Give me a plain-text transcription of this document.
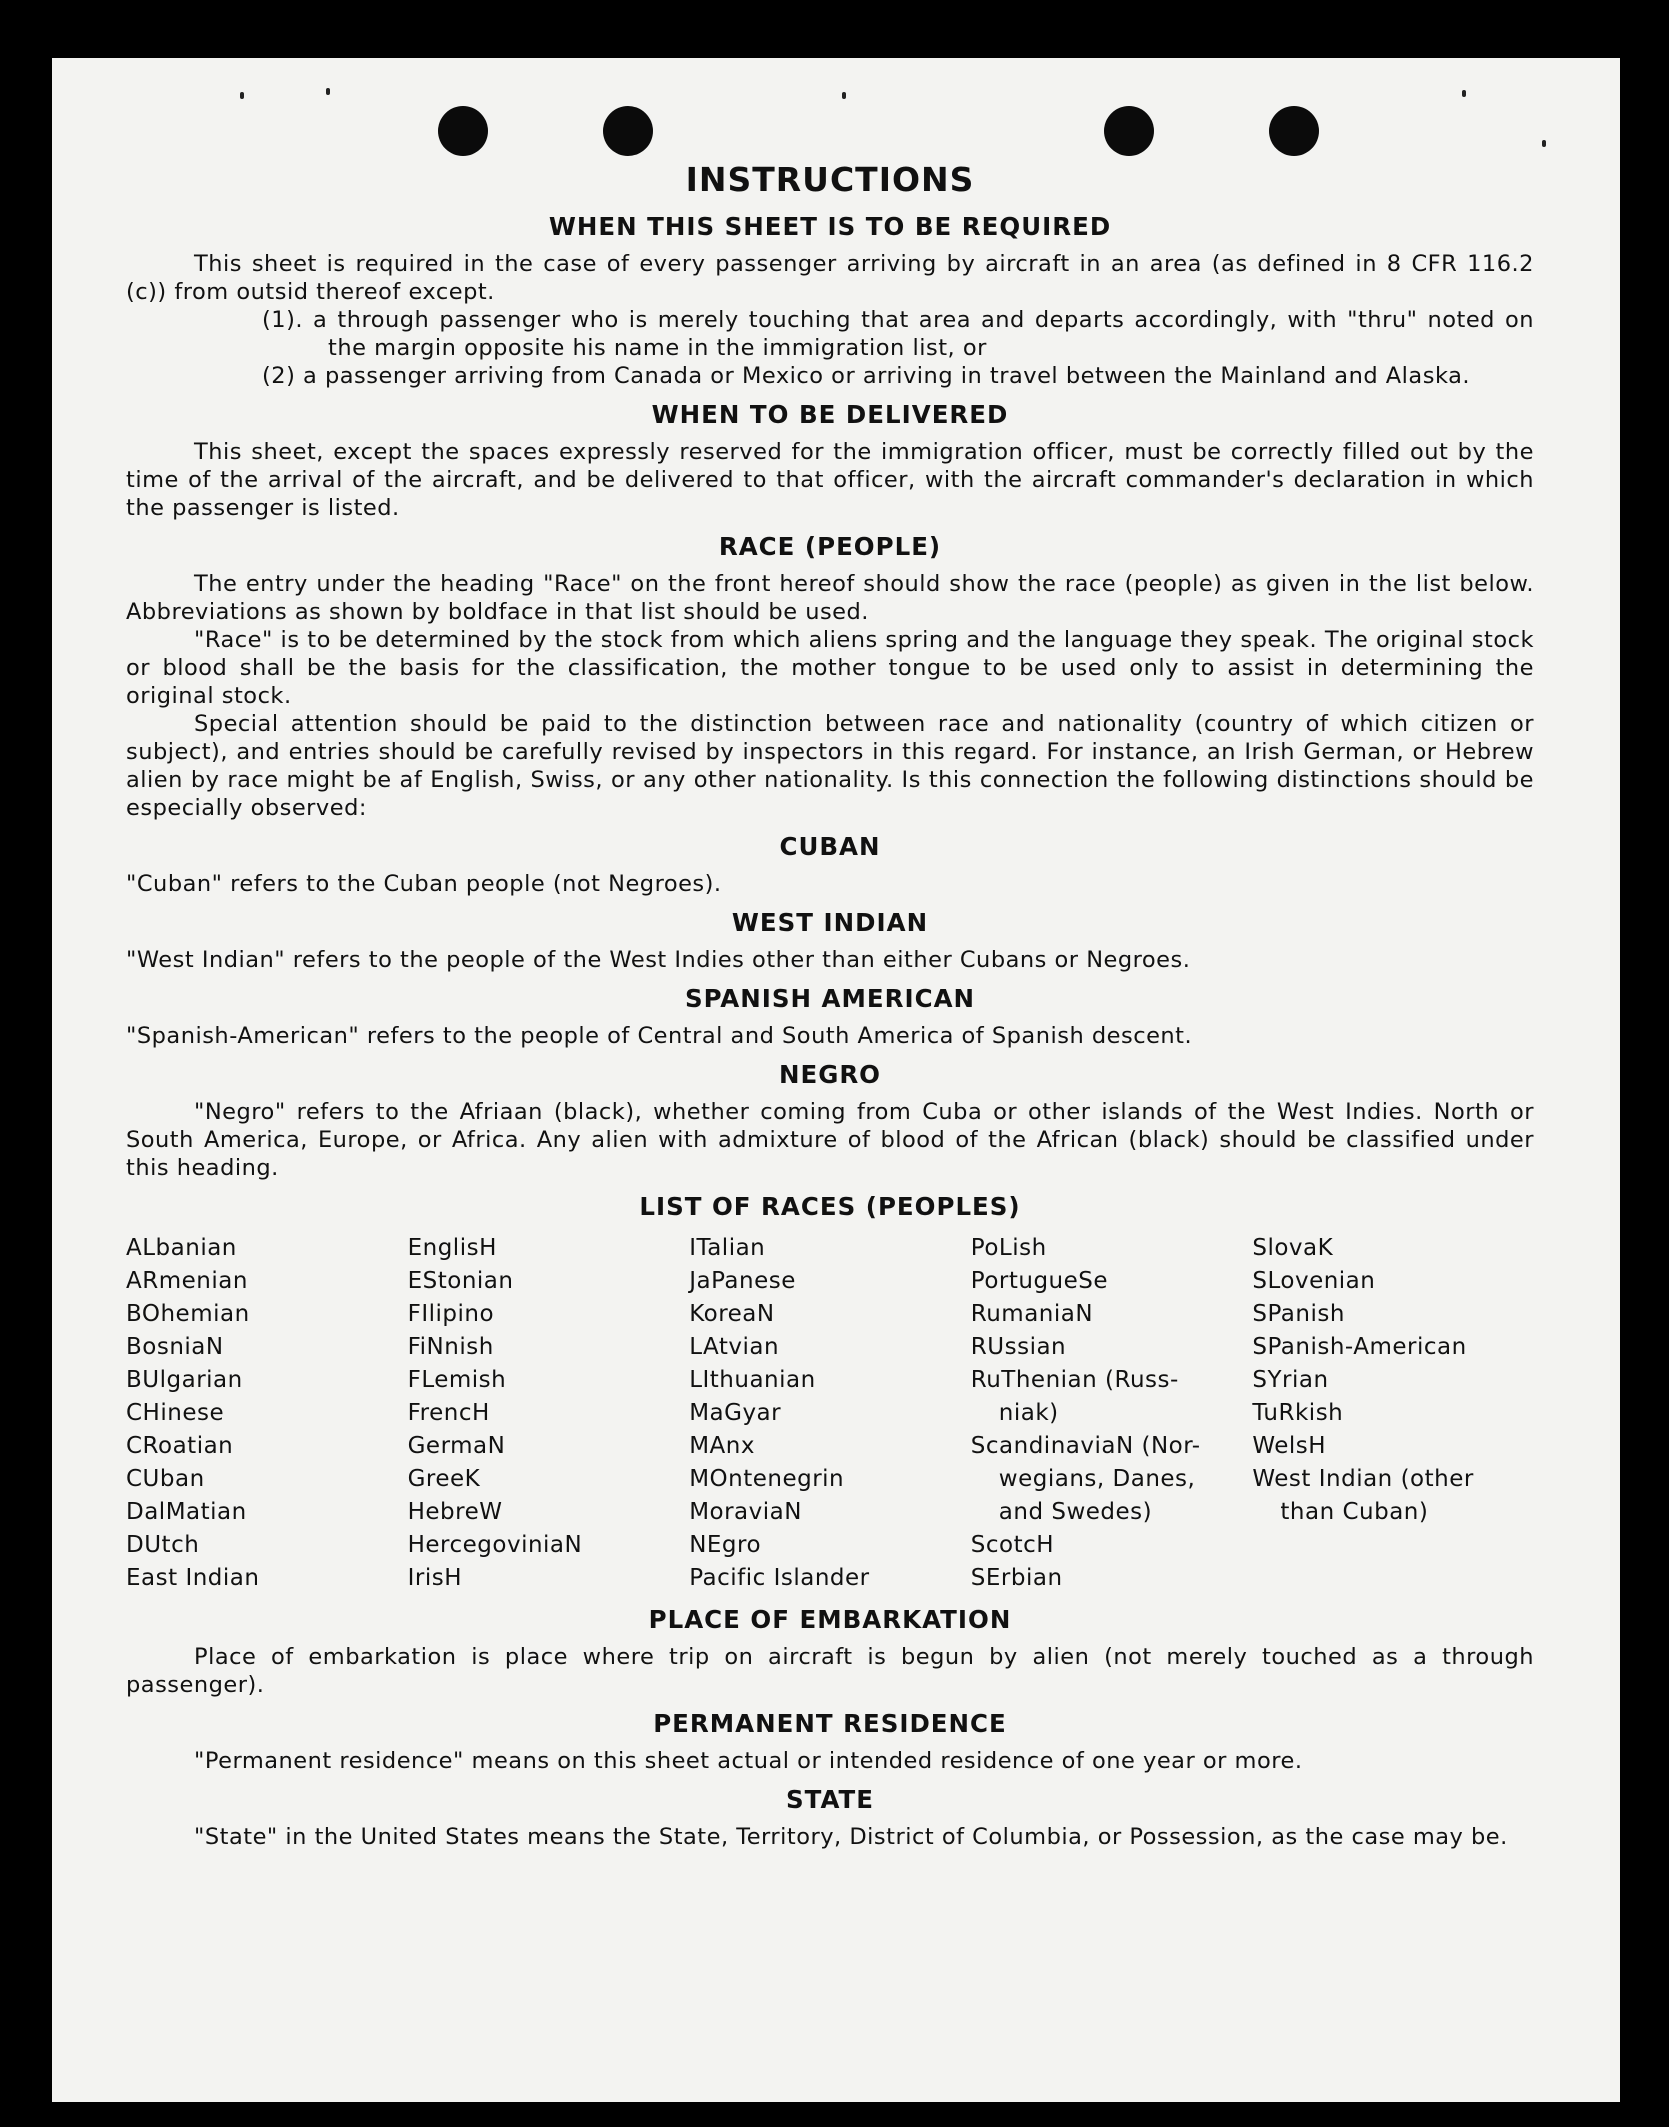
INSTRUCTIONS
WHEN THIS SHEET IS TO BE REQUIRED

This sheet is required in the case of every passenger arriving by aircraft in an area (as defined in 8 CFR 116.2 (c)) from outsid thereof except.

(1). a through passenger who is merely touching that area and departs accordingly, with "thru" noted on the margin opposite his name in the immigration list, or

(2) a passenger arriving from Canada or Mexico or arriving in travel between the Mainland and Alaska.

WHEN TO BE DELIVERED

This sheet, except the spaces expressly reserved for the immigration officer, must be correctly filled out by the time of the arrival of the aircraft, and be delivered to that officer, with the aircraft commander's declaration in which the passenger is listed.

RACE (PEOPLE)

The entry under the heading "Race" on the front hereof should show the race (people) as given in the list below. Abbreviations as shown by boldface in that list should be used.

"Race" is to be determined by the stock from which aliens spring and the language they speak. The original stock or blood shall be the basis for the classification, the mother tongue to be used only to assist in determining the original stock.

Special attention should be paid to the distinction between race and nationality (country of which citizen or subject), and entries should be carefully revised by inspectors in this regard. For instance, an Irish German, or Hebrew alien by race might be af English, Swiss, or any other nationality. Is this connection the following distinctions should be especially observed:

CUBAN

"Cuban" refers to the Cuban people (not Negroes).

WEST INDIAN

"West Indian" refers to the people of the West Indies other than either Cubans or Negroes.

SPANISH AMERICAN

"Spanish-American" refers to the people of Central and South America of Spanish descent.

NEGRO

"Negro" refers to the Afriaan (black), whether coming from Cuba or other islands of the West Indies. North or South America, Europe, or Africa. Any alien with admixture of blood of the African (black) should be classified under this heading.

LIST OF RACES (PEOPLES)
ALbanian
ARmenian
BOhemian
BosniaN
BUlgarian
CHinese
CRoatian
CUban
DalMatian
DUtch
East Indian
EnglisH
EStonian
FIlipino
FiNnish
FLemish
FrencH
GermaN
GreeK
HebreW
HercegoviniaN
IrisH
ITalian
JaPanese
KoreaN
LAtvian
LIthuanian
MaGyar
MAnx
MOntenegrin
MoraviaN
NEgro
Pacific Islander
PoLish
PortugueSe
RumaniaN
RUssian
RuThenian (Russ-
niak)
ScandinaviaN (Nor-
wegians, Danes,
and Swedes)
ScotcH
SErbian
SlovaK
SLovenian
SPanish
SPanish-American
SYrian
TuRkish
WelsH
West Indian (other
than Cuban)
PLACE OF EMBARKATION

Place of embarkation is place where trip on aircraft is begun by alien (not merely touched as a through passenger).

PERMANENT RESIDENCE

"Permanent residence" means on this sheet actual or intended residence of one year or more.

STATE

"State" in the United States means the State, Territory, District of Columbia, or Possession, as the case may be.
